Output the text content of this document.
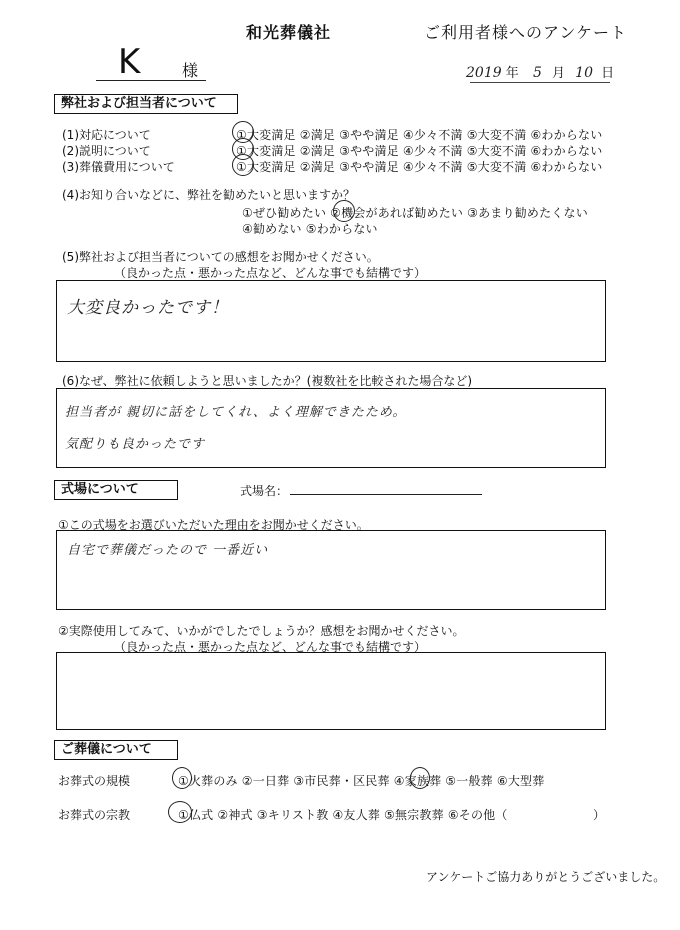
和光葬儀社	ご利用者様へのアンケート
K	様	2019 年 5 月 10 日
弊社および担当者について
(1)対応について	①大変満足 ②満足 ③やや満足 ④少々不満 ⑤大変不満 ⑥わからない
(2)説明について	①大変満足 ②満足 ③やや満足 ④少々不満 ⑤大変不満 ⑥わからない
(3)葬儀費用について	①大変満足 ②満足 ③やや満足 ④少々不満 ⑤大変不満 ⑥わからない
(4)お知り合いなどに、弊社を勧めたいと思いますか？
①ぜひ勧めたい ②機会があれば勧めたい ③あまり勧めたくない
④勧めない ⑤わからない
(5)弊社および担当者についての感想をお聞かせください。
（良かった点・悪かった点など、どんな事でも結構です）
大変良かったです！
(6)なぜ、弊社に依頼しようと思いましたか？(複数社を比較された場合など)
担当者が 親切に話をしてくれ、よく理解できたため。
気配りも良かったです
式場について	式場名：
①この式場をお選びいただいた理由をお聞かせください。
自宅で葬儀だったので 一番近い
②実際使用してみて、いかがでしたでしょうか？感想をお聞かせください。
（良かった点・悪かった点など、どんな事でも結構です）
ご葬儀について
お葬式の規模	①火葬のみ ②一日葬 ③市民葬・区民葬 ④家族葬 ⑤一般葬 ⑥大型葬
お葬式の宗教	①仏式 ②神式 ③キリスト教 ④友人葬 ⑤無宗教葬 ⑥その他（　　　　　　　）
アンケートご協力ありがとうございました。
